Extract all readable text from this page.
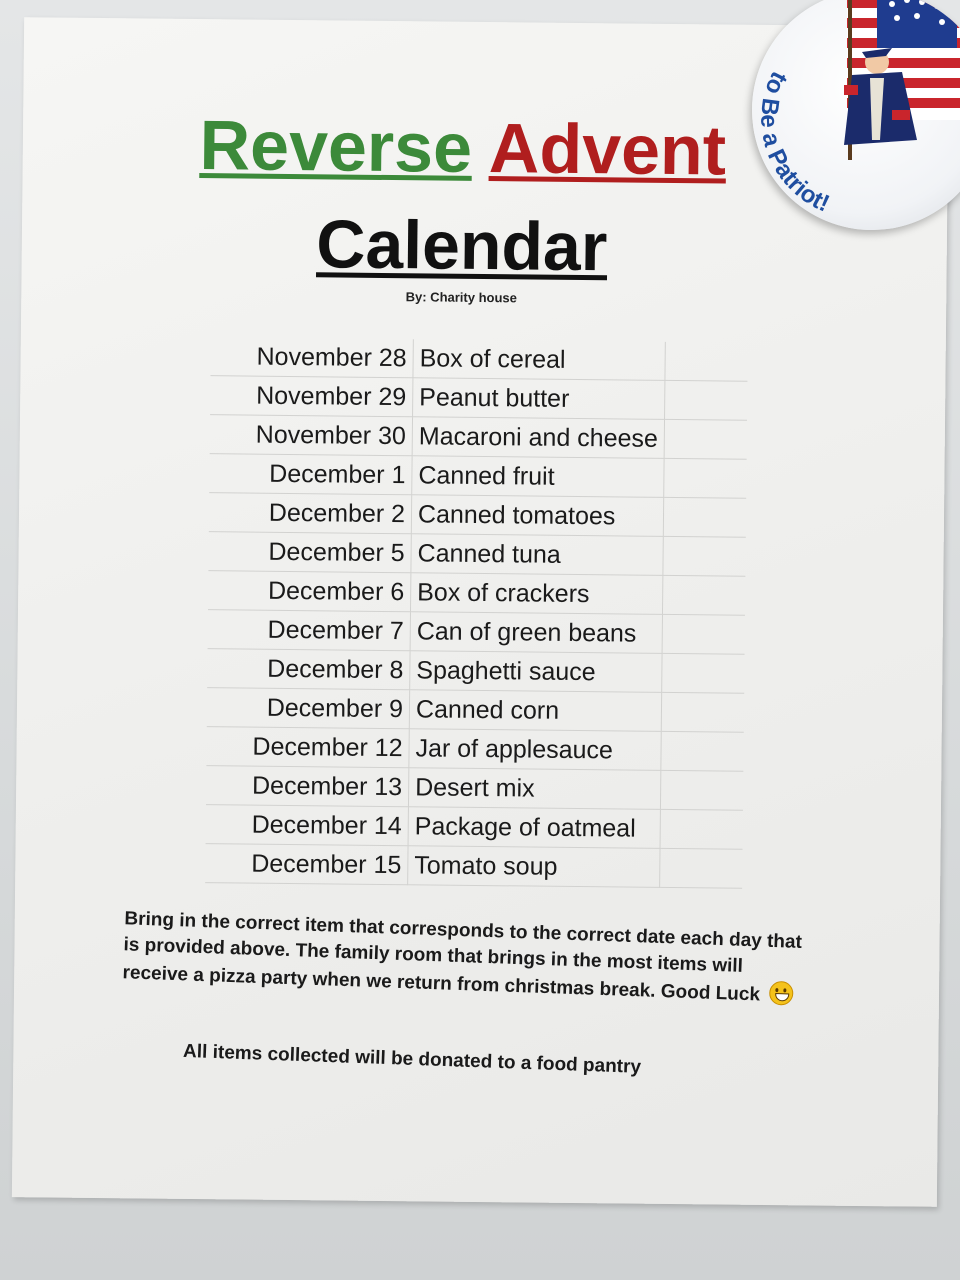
Reverse Advent
Calendar
By: Charity house
November 28	Box of cereal	
November 29	Peanut butter	
November 30	Macaroni and cheese	
December 1	Canned fruit	
December 2	Canned tomatoes	
December 5	Canned tuna	
December 6	Box of crackers	
December 7	Can of green beans	
December 8	Spaghetti sauce	
December 9	Canned corn	
December 12	Jar of applesauce	
December 13	Desert mix	
December 14	Package of oatmeal	
December 15	Tomato soup	
Bring in the correct item that corresponds to the correct date each day that is provided above. The family room that brings in the most items will receive a pizza party when we return from christmas break. Good Luck
All items collected will be donated to a food pantry
to Be a Patriot!
